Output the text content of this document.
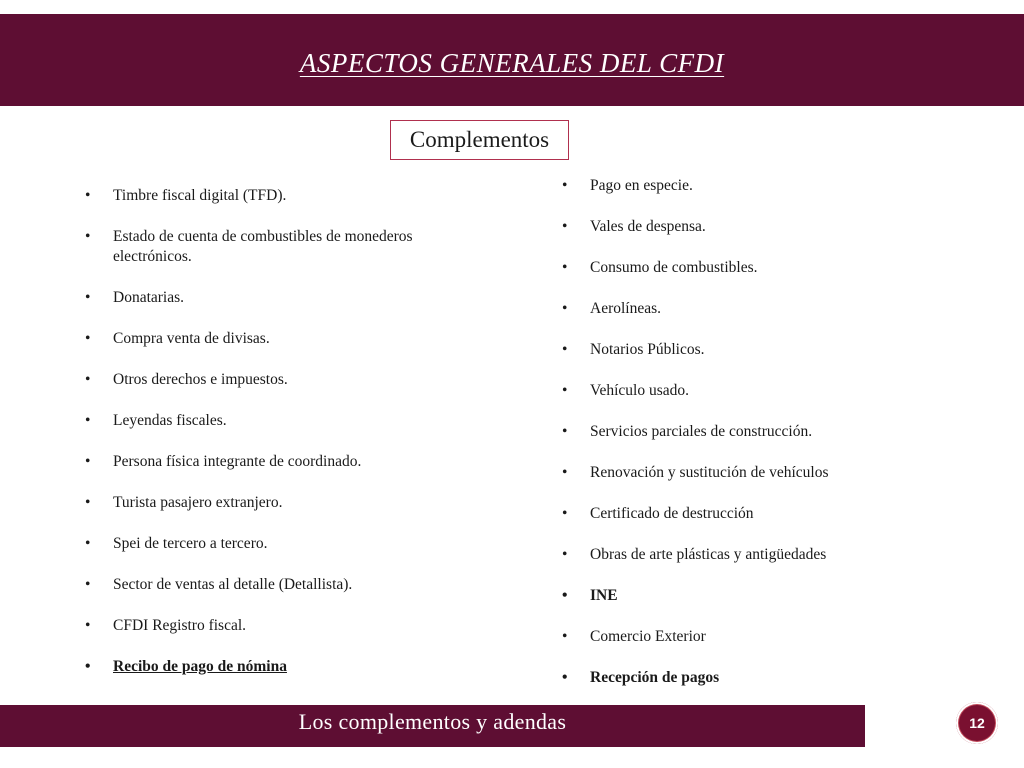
ASPECTOS GENERALES DEL CFDI
Complementos
• Timbre fiscal digital (TFD).
• Estado de cuenta de combustibles de monederos electrónicos.
• Donatarias.
• Compra venta de divisas.
• Otros derechos e impuestos.
• Leyendas fiscales.
• Persona física integrante de coordinado.
• Turista pasajero extranjero.
• Spei de tercero a tercero.
• Sector de ventas al detalle (Detallista).
• CFDI Registro fiscal.
• Recibo de pago de nómina
• Pago en especie.
• Vales de despensa.
• Consumo de combustibles.
• Aerolíneas.
• Notarios Públicos.
• Vehículo usado.
• Servicios parciales de construcción.
• Renovación y sustitución de vehículos
• Certificado de destrucción
• Obras de arte plásticas y antigüedades
• INE
• Comercio Exterior
• Recepción de pagos
Los complementos y adendas	12
